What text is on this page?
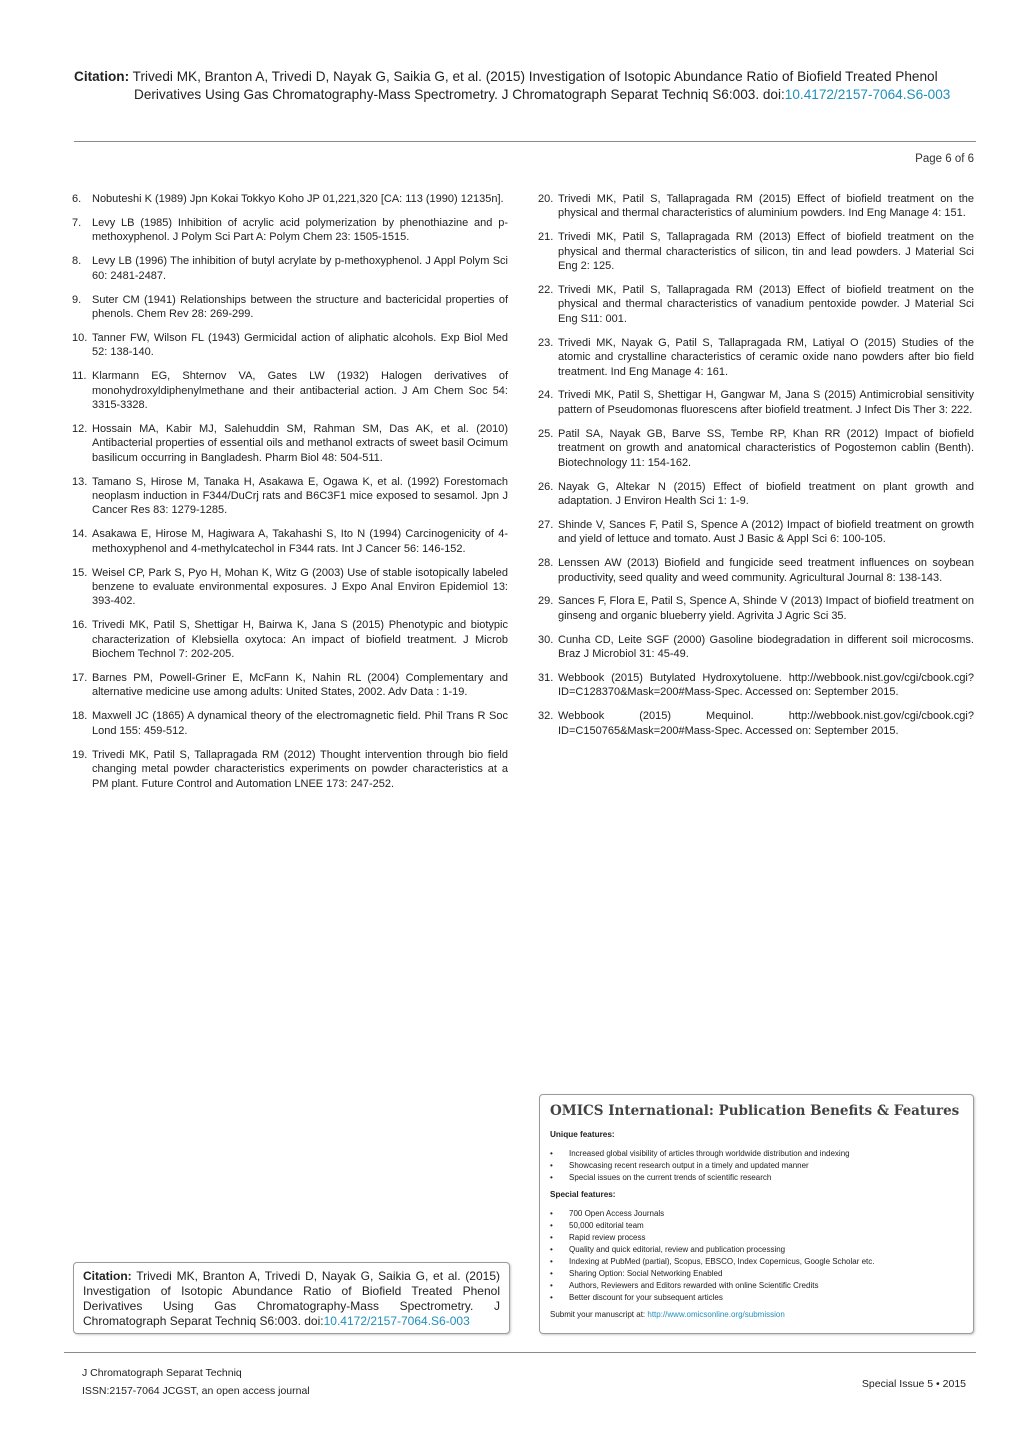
Citation: Trivedi MK, Branton A, Trivedi D, Nayak G, Saikia G, et al. (2015) Investigation of Isotopic Abundance Ratio of Biofield Treated Phenol
Derivatives Using Gas Chromatography-Mass Spectrometry. J Chromatograph Separat Techniq S6:003. doi:10.4172/2157-7064.S6-003
Page 6 of 6
6. Nobuteshi K (1989) Jpn Kokai Tokkyo Koho JP 01,221,320 [CA: 113 (1990) 12135n].
7. Levy LB (1985) Inhibition of acrylic acid polymerization by phenothiazine and p-methoxyphenol. J Polym Sci Part A: Polym Chem 23: 1505-1515.
8. Levy LB (1996) The inhibition of butyl acrylate by p-methoxyphenol. J Appl Polym Sci 60: 2481-2487.
9. Suter CM (1941) Relationships between the structure and bactericidal properties of phenols. Chem Rev 28: 269-299.
10. Tanner FW, Wilson FL (1943) Germicidal action of aliphatic alcohols. Exp Biol Med 52: 138-140.
11. Klarmann EG, Shternov VA, Gates LW (1932) Halogen derivatives of monohydroxyldiphenylmethane and their antibacterial action. J Am Chem Soc 54: 3315-3328.
12. Hossain MA, Kabir MJ, Salehuddin SM, Rahman SM, Das AK, et al. (2010) Antibacterial properties of essential oils and methanol extracts of sweet basil Ocimum basilicum occurring in Bangladesh. Pharm Biol 48: 504-511.
13. Tamano S, Hirose M, Tanaka H, Asakawa E, Ogawa K, et al. (1992) Forestomach neoplasm induction in F344/DuCrj rats and B6C3F1 mice exposed to sesamol. Jpn J Cancer Res 83: 1279-1285.
14. Asakawa E, Hirose M, Hagiwara A, Takahashi S, Ito N (1994) Carcinogenicity of 4-methoxyphenol and 4-methylcatechol in F344 rats. Int J Cancer 56: 146-152.
15. Weisel CP, Park S, Pyo H, Mohan K, Witz G (2003) Use of stable isotopically labeled benzene to evaluate environmental exposures. J Expo Anal Environ Epidemiol 13: 393-402.
16. Trivedi MK, Patil S, Shettigar H, Bairwa K, Jana S (2015) Phenotypic and biotypic characterization of Klebsiella oxytoca: An impact of biofield treatment. J Microb Biochem Technol 7: 202-205.
17. Barnes PM, Powell-Griner E, McFann K, Nahin RL (2004) Complementary and alternative medicine use among adults: United States, 2002. Adv Data : 1-19.
18. Maxwell JC (1865) A dynamical theory of the electromagnetic field. Phil Trans R Soc Lond 155: 459-512.
19. Trivedi MK, Patil S, Tallapragada RM (2012) Thought intervention through bio field changing metal powder characteristics experiments on powder characteristics at a PM plant. Future Control and Automation LNEE 173: 247-252.
20. Trivedi MK, Patil S, Tallapragada RM (2015) Effect of biofield treatment on the physical and thermal characteristics of aluminium powders. Ind Eng Manage 4: 151.
21. Trivedi MK, Patil S, Tallapragada RM (2013) Effect of biofield treatment on the physical and thermal characteristics of silicon, tin and lead powders. J Material Sci Eng 2: 125.
22. Trivedi MK, Patil S, Tallapragada RM (2013) Effect of biofield treatment on the physical and thermal characteristics of vanadium pentoxide powder. J Material Sci Eng S11: 001.
23. Trivedi MK, Nayak G, Patil S, Tallapragada RM, Latiyal O (2015) Studies of the atomic and crystalline characteristics of ceramic oxide nano powders after bio field treatment. Ind Eng Manage 4: 161.
24. Trivedi MK, Patil S, Shettigar H, Gangwar M, Jana S (2015) Antimicrobial sensitivity pattern of Pseudomonas fluorescens after biofield treatment. J Infect Dis Ther 3: 222.
25. Patil SA, Nayak GB, Barve SS, Tembe RP, Khan RR (2012) Impact of biofield treatment on growth and anatomical characteristics of Pogostemon cablin (Benth). Biotechnology 11: 154-162.
26. Nayak G, Altekar N (2015) Effect of biofield treatment on plant growth and adaptation. J Environ Health Sci 1: 1-9.
27. Shinde V, Sances F, Patil S, Spence A (2012) Impact of biofield treatment on growth and yield of lettuce and tomato. Aust J Basic & Appl Sci 6: 100-105.
28. Lenssen AW (2013) Biofield and fungicide seed treatment influences on soybean productivity, seed quality and weed community. Agricultural Journal 8: 138-143.
29. Sances F, Flora E, Patil S, Spence A, Shinde V (2013) Impact of biofield treatment on ginseng and organic blueberry yield. Agrivita J Agric Sci 35.
30. Cunha CD, Leite SGF (2000) Gasoline biodegradation in different soil microcosms. Braz J Microbiol 31: 45-49.
31. Webbook (2015) Butylated Hydroxytoluene. http://webbook.nist.gov/cgi/cbook.cgi?ID=C128370&Mask=200#Mass-Spec. Accessed on: September 2015.
32. Webbook (2015) Mequinol. http://webbook.nist.gov/cgi/cbook.cgi?ID=C150765&Mask=200#Mass-Spec. Accessed on: September 2015.
OMICS International: Publication Benefits & Features
Unique features:
• Increased global visibility of articles through worldwide distribution and indexing
• Showcasing recent research output in a timely and updated manner
• Special issues on the current trends of scientific research
Special features:
• 700 Open Access Journals
• 50,000 editorial team
• Rapid review process
• Quality and quick editorial, review and publication processing
• Indexing at PubMed (partial), Scopus, EBSCO, Index Copernicus, Google Scholar etc.
• Sharing Option: Social Networking Enabled
• Authors, Reviewers and Editors rewarded with online Scientific Credits
• Better discount for your subsequent articles
Submit your manuscript at: http://www.omicsonline.org/submission
Citation: Trivedi MK, Branton A, Trivedi D, Nayak G, Saikia G, et al. (2015) Investigation of Isotopic Abundance Ratio of Biofield Treated Phenol Derivatives Using Gas Chromatography-Mass Spectrometry. J Chromatograph Separat Techniq S6:003. doi:10.4172/2157-7064.S6-003
J Chromatograph Separat Techniq
ISSN:2157-7064 JCGST, an open access journal
Special Issue 5 • 2015
